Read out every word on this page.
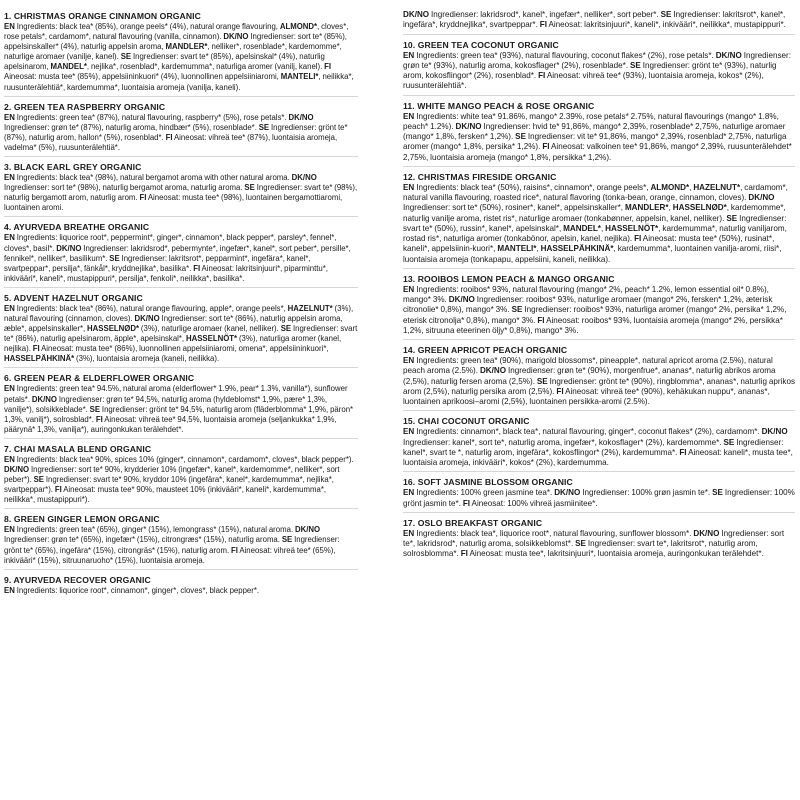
1. CHRISTMAS ORANGE CINNAMON ORGANIC

EN Ingredients: black tea* (85%), orange peels* (4%), natural orange flavouring, ALMOND*, cloves*, rose petals*, cardamom*, natural flavouring (vanilla, cinnamon). DK/NO Ingredienser: sort te* (85%), appelsinskaller* (4%), naturlig appelsin aroma, MANDLER*, nelliker*, rosenblade*, kardemomme*, naturlige aromaer (vanilje, kanel). SE Ingredienser: svart te* (85%), apelsinskal* (4%), naturlig apelsinarom, MANDEL*, nejlika*, rosenblad*, kardemumma*, naturliga aromer (vanilj, kanel). FI Aineosat: musta tee* (85%), appelsiininkuori* (4%), luonnollinen appelsiiniaromi, MANTELI*, neilikka*, ruusunterälehtiä*, kardemumma*, luontaisia aromeja (vanilja, kaneli).

2. GREEN TEA RASPBERRY ORGANIC

EN Ingredients: green tea* (87%), natural flavouring, raspberry* (5%), rose petals*. DK/NO Ingredienser: grøn te* (87%), naturlig aroma, hindbær* (5%), rosenblade*. SE Ingredienser: grönt te* (87%), naturlig arom, hallon* (5%), rosenblad*. FI Aineosat: vihreä tee* (87%), luontaisia aromeja, vadelma* (5%), ruusunterälehtiä*.

3. BLACK EARL GREY ORGANIC

EN Ingredients: black tea* (98%), natural bergamot aroma with other natural aroma. DK/NO Ingredienser: sort te* (98%), naturlig bergamot aroma, naturlig aroma. SE Ingredienser: svart te* (98%), naturlig bergamott arom, naturlig arom. FI Aineosat: musta tee* (98%), luontainen bergamottiaromi, luontainen aromi.

4. AYURVEDA BREATHE ORGANIC

EN Ingredients: liquorice root*, peppermint*, ginger*, cinnamon*, black pepper*, parsley*, fennel*, cloves*, basil*. DK/NO Ingredienser: lakridsrod*, pebermynte*, ingefær*, kanel*, sort peber*, persille*, fennikel*, nelliker*, basilikum*. SE Ingredienser: lakritsrot*, pepparmint*, ingefära*, kanel*, svartpeppar*, persilja*, fänkål*, kryddnejlika*, basilika*. FI Aineosat: lakritsinjuuri*, piparminttu*, inkivääri*, kaneli*, mustapippuri*, persilja*, fenkoli*, neilikka*, basilika*.

5. ADVENT HAZELNUT ORGANIC

EN Ingredients: black tea* (86%), natural orange flavouring, apple*, orange peels*, HAZELNUT* (3%), natural flavouring (cinnamon, cloves). DK/NO Ingredienser: sort te* (86%), naturlig appelsin aroma, æble*, appelsinskaller*, HASSELNØD* (3%), naturlige aromaer (kanel, nelliker). SE Ingredienser: svart te* (86%), naturlig apelsinarom, äpple*, apelsinskal*, HASSELNÖT* (3%), naturliga aromer (kanel, nejlika). FI Aineosat: musta tee* (86%), luonnollinen appelsiiniaromi, omena*, appelsiininkuori*, HASSELPÄHKINÄ* (3%), luontaisia aromeja (kaneli, neilikka).

6. GREEN PEAR & ELDERFLOWER ORGANIC

EN Ingredients: green tea* 94.5%, natural aroma (elderflower* 1.9%, pear* 1.3%, vanilla*), sunflower petals*. DK/NO Ingredienser: grøn te* 94,5%, naturlig aroma (hyldeblomst* 1,9%, pære* 1,3%, vanilje*), solsikkeblade*. SE Ingredienser: grönt te* 94,5%, naturlig arom (fläderblomma* 1,9%, päron* 1,3%, vanilj*), solrosblad*. FI Aineosat: vihreä tee* 94,5%, luontaisia aromeja (seljankukka* 1,9%, päärynä* 1,3%, vanilja*), auringonkukan terälehdet*.

7. CHAI MASALA BLEND ORGANIC

EN Ingredients: black tea* 90%, spices 10% (ginger*, cinnamon*, cardamom*, cloves*, black pepper*). DK/NO Ingredienser: sort te* 90%, krydderier 10% (ingefær*, kanel*, kardemomme*, nelliker*, sort peber*). SE Ingredienser: svart te* 90%, kryddor 10% (ingefära*, kanel*, kardemumma*, nejlika*, svartpeppar*). FI Aineosat: musta tee* 90%, mausteet 10% (inkivääri*, kaneli*, kardemumma*, neilikka*, mustapippuri*).

8. GREEN GINGER LEMON ORGANIC

EN Ingredients: green tea* (65%), ginger* (15%), lemongrass* (15%), natural aroma. DK/NO Ingredienser: grøn te* (65%), ingefær* (15%), citrongræs* (15%), naturlig aroma. SE Ingredienser: grönt te* (65%), ingefära* (15%), citrongräs* (15%), naturlig arom. FI Aineosat: vihreä tee* (65%), inkivääri* (15%), sitruunaruoho* (15%), luontaisia aromeja.

9. AYURVEDA RECOVER ORGANIC

EN Ingredients: liquorice root*, cinnamon*, ginger*, cloves*, black pepper*.

DK/NO Ingredienser: lakridsrod*, kanel*, ingefær*, nelliker*, sort peber*. SE Ingredienser: lakritsrot*, kanel*, ingefära*, kryddnejlika*, svartpeppar*. FI Aineosat: lakritsinjuuri*, kaneli*, inkivääri*, neilikka*, mustapippuri*.

10. GREEN TEA COCONUT ORGANIC

EN Ingredients: green tea* (93%), natural flavouring, coconut flakes* (2%), rose petals*. DK/NO Ingredienser: grøn te* (93%), naturlig aroma, kokosflager* (2%), rosenblade*. SE Ingredienser: grönt te* (93%), naturlig arom, kokosflingor* (2%), rosenblad*. FI Aineosat: vihreä tee* (93%), luontaisia aromeja, kokos* (2%), ruusunterälehtiä*.

11. WHITE MANGO PEACH & ROSE ORGANIC

EN Ingredients: white tea* 91.86%, mango* 2.39%, rose petals* 2.75%, natural flavourings (mango* 1.8%, peach* 1.2%). DK/NO Ingredienser: hvid te* 91,86%, mango* 2,39%, rosenblade* 2,75%, naturlige aromaer (mango* 1,8%, fersken* 1,2%). SE Ingredienser: vit te* 91,86%, mango* 2,39%, rosenblad* 2,75%, naturliga aromer (mango* 1,8%, persika* 1,2%). FI Aineosat: valkoinen tee* 91,86%, mango* 2,39%, ruusunterälehdet* 2,75%, luontaisia aromeja (mango* 1,8%, persikka* 1,2%).

12. CHRISTMAS FIRESIDE ORGANIC

EN Ingredients: black tea* (50%), raisins*, cinnamon*, orange peels*, ALMOND*, HAZELNUT*, cardamom*, natural vanilla flavouring, roasted rice*, natural flavoring (tonka-bean, orange, cinnamon, cloves). DK/NO Ingredienser: sort te* (50%), rosiner*, kanel*, appelsinskaller*, MANDLER*, HASSELNØD*, kardemomme*, naturlig vanilje aroma, ristet ris*, naturlige aromaer (tonkabønner, appelsin, kanel, nelliker). SE Ingredienser: svart te* (50%), russin*, kanel*, apelsinskal*, MANDEL*, HASSELNÖT*, kardemumma*, naturlig vaniljarom, rostad ris*, naturliga aromer (tonkabönor, apelsin, kanel, nejlika). FI Aineosat: musta tee* (50%), rusinat*, kaneli*, appelsiinin-kuori*, MANTELI*, HASSELPÄHKINÄ*, kardemumma*, luontainen vaniljа-aromi, riisi*, luontaisia aromeja (tonkapapu, appelsiini, kaneli, neilikka).

13. ROOIBOS LEMON PEACH & MANGO ORGANIC

EN Ingredients: rooibos* 93%, natural flavouring (mango* 2%, peach* 1.2%, lemon essential oil* 0.8%), mango* 3%. DK/NO Ingredienser: rooibos* 93%, naturlige aromaer (mango* 2%, fersken* 1,2%, æterisk citronolie* 0,8%), mango* 3%. SE Ingredienser: rooibos* 93%, naturliga aromer (mango* 2%, persika* 1,2%, eterisk citronolja* 0,8%), mango* 3%. FI Aineosat: rooibos* 93%, luontaisia aromeja (mango* 2%, persikka* 1,2%, sitruuna eteerinen öljy* 0,8%), mango* 3%.

14. GREEN APRICOT PEACH ORGANIC

EN Ingredients: green tea* (90%), marigold blossoms*, pineapple*, natural apricot aroma (2.5%), natural peach aroma (2.5%). DK/NO Ingredienser: grøn te* (90%), morgenfrue*, ananas*, naturlig abrikos aroma (2,5%), naturlig fersen aroma (2,5%). SE Ingredienser: grönt te* (90%), ringblomma*, ananas*, naturlig aprikos arom (2,5%), naturlig persika arom (2,5%). FI Aineosat: vihreä tee* (90%), kehäkukan nuppu*, ananas*, luontainen aprikoosi–aromi (2,5%), luontainen persikka-aromi (2.5%).

15. CHAI COCONUT ORGANIC

EN Ingredients: cinnamon*, black tea*, natural flavouring, ginger*, coconut flakes* (2%), cardamom*. DK/NO Ingredienser: kanel*, sort te*, naturlig aroma, ingefær*, kokosflager* (2%), kardemomme*. SE Ingredienser: kanel*, svart te *, naturlig arom, ingefära*, kokosflingor* (2%), kardemumma*. FI Aineosat: kaneli*, musta tee*, luontaisia aromeja, inkivääri*, kokos* (2%), kardemumma.

16. SOFT JASMINE BLOSSOM ORGANIC

EN Ingredients: 100% green jasmine tea*. DK/NO Ingredienser: 100% grøn jasmin te*. SE Ingredienser: 100% grönt jasmin te*. FI Aineosat: 100% vihreä jasmiinitee*.

17. OSLO BREAKFAST ORGANIC

EN Ingredients: black tea*, liquorice root*, natural flavouring, sunflower blossom*. DK/NO Ingredienser: sort te*, lakridsrod*, naturlig aroma, solsikkeblomst*. SE Ingredienser: svart te*, lakritsrot*, naturlig arom, solrosblomma*. FI Aineosat: musta tee*, lakritsinjuuri*, luontaisia aromeja, auringonkukan terälehdet*.
